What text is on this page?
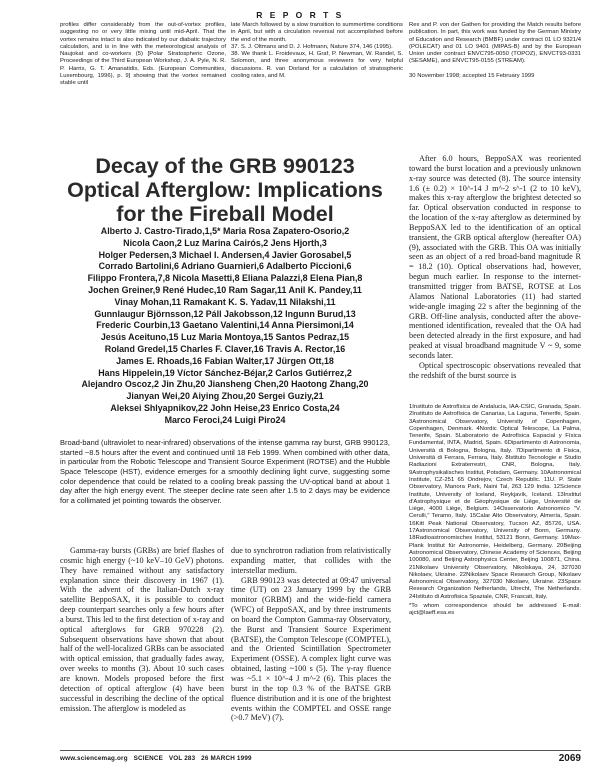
R E P O R T S
profiles differ considerably from the out-of-vortex profiles, suggesting no or very little mixing until mid-April. That the vortex remains intact is also indicated by our diabatic trajectory calculation, and is in line with the meteorological analysis of Naujokat and co-workers (5) [Polar Stratospheric Ozone, Proceedings of the Third European Workshop, J. A. Pyle, N. R. P. Harris, G. T. Amanatidis, Eds. (European Communities, Luxembourg, 1996), p. 9] showing that the vortex remained stable until

late March followed by a slow transition to summertime conditions in April, but with a circulation reversal not accomplished before the end of the month.

37. S. J. Oltmans and D. J. Hofmann, Nature 374, 146 (1995).

38. We thank L. Froidevaux, H. Graf, P. Newman, W. Randel, S. Solomon, and three anonymous reviewers for very helpful discussions. R. van Dorland for a calculation of stratospheric cooling rates, and M.

Rex and P. von der Gathen for providing the Match results before publication. In part, this work was funded by the German Ministry of Education and Research (BMBF) under contract 01 LO 9321/4 (POLECAT) and 01 LO 9401 (MIPAS-B) and by the European Union under contract ENVC795-0050 (TOPOZ), ENVCT93-0331 (SESAME), and ENVCT95-0155 (STREAM).

30 November 1998; accepted 15 February 1999

Decay of the GRB 990123
Optical Afterglow: Implications
for the Fireball Model
Alberto J. Castro-Tirado,1,5* Maria Rosa Zapatero-Osorio,2
Nicola Caon,2 Luz Marina Cairós,2 Jens Hjorth,3
Holger Pedersen,3 Michael I. Andersen,4 Javier Gorosabel,5
Corrado Bartolini,6 Adriano Guarnieri,6 Adalberto Piccioni,6
Filippo Frontera,7,8 Nicola Masetti,8 Eliana Palazzi,8 Elena Pian,8
Jochen Greiner,9 René Hudec,10 Ram Sagar,11 Anil K. Pandey,11
Vinay Mohan,11 Ramakant K. S. Yadav,11 Nilakshi,11
Gunnlaugur Björnsson,12 Páll Jakobsson,12 Ingunn Burud,13
Frederic Courbin,13 Gaetano Valentini,14 Anna Piersimoni,14
Jesús Aceituno,15 Luz Maria Montoya,15 Santos Pedraz,15
Roland Gredel,15 Charles F. Claver,16 Travis A. Rector,16
James E. Rhoads,16 Fabian Walter,17 Jürgen Ott,18
Hans Hippelein,19 Víctor Sánchez-Béjar,2 Carlos Gutiérrez,2
Alejandro Oscoz,2 Jin Zhu,20 Jiansheng Chen,20 Haotong Zhang,20
Jianyan Wei,20 Aiying Zhou,20 Sergei Guziy,21
Aleksei Shlyapnikov,22 John Heise,23 Enrico Costa,24
Marco Feroci,24 Luigi Piro24
Broad-band (ultraviolet to near-infrared) observations of the intense gamma ray burst, GRB 990123, started ~8.5 hours after the event and continued until 18 Feb 1999. When combined with other data, in particular from the Robotic Telescope and Transient Source Experiment (ROTSE) and the Hubble Space Telescope (HST), evidence emerges for a smoothly declining light curve, suggesting some color dependence that could be related to a cooling break passing the UV-optical band at about 1 day after the high energy event. The steeper decline rate seen after 1.5 to 2 days may be evidence for a collimated jet pointing towards the observer.
Gamma-ray bursts (GRBs) are brief flashes of cosmic high energy (~10 keV–10 GeV) photons. They have remained without any satisfactory explanation since their discovery in 1967 (1). With the advent of the Italian-Dutch x-ray satellite BeppoSAX, it is possible to conduct deep counterpart searches only a few hours after a burst. This led to the first detection of x-ray and optical afterglows for GRB 970228 (2). Subsequent observations have shown that about half of the well-localized GRBs can be associated with optical emission, that gradually fades away, over weeks to months (3). About 10 such cases are known. Models proposed before the first detection of optical afterglow (4) have been successful in describing the decline of the optical emission. The afterglow is modeled as

due to synchrotron radiation from relativistically expanding matter, that collides with the interstellar medium.

GRB 990123 was detected at 09:47 universal time (UT) on 23 January 1999 by the GRB monitor (GRBM) and the wide-field camera (WFC) of BeppoSAX, and by three instruments on board the Compton Gamma-ray Observatory, the Burst and Transient Source Experiment (BATSE), the Compton Telescope (COMPTEL), and the Oriented Scintillation Spectrometer Experiment (OSSE). A complex light curve was obtained, lasting ~100 s (5). The γ-ray fluence was ~5.1 × 10^-4 J m^-2 (6). This places the burst in the top 0.3 % of the BATSE GRB fluence distribution and it is one of the brightest events within the COMPTEL and OSSE range (>0.7 MeV) (7).

After 6.0 hours, BeppoSAX was reoriented toward the burst location and a previously unknown x-ray source was detected (8). The source intensity 1.6 (± 0.2) × 10^-14 J m^-2 s^-1 (2 to 10 keV), makes this x-ray afterglow the brightest detected so far. Optical observation conducted in response to the location of the x-ray afterglow as determined by BeppoSAX led to the identification of an optical transient, the GRB optical afterglow (hereafter OA) (9), associated with the GRB. This OA was initially seen as an object of a red broad-band magnitude R = 18.2 (10). Optical observations had, however, begun much earlier. In response to the internet-transmitted trigger from BATSE, ROTSE at Los Alamos National Laboratories (11) had started wide-angle imaging 22 s after the beginning of the GRB. Off-line analysis, conducted after the above-mentioned identification, revealed that the OA had been detected already in the first exposure, and had peaked at visual broadband magnitude V ~ 9, some seconds later.

Optical spectroscopic observations revealed that the redshift of the burst source is

1Instituto de Astrofísica de Andalucía, IAA-CSIC, Granada, Spain. 2Instituto de Astrofísica de Canarias, La Laguna, Tenerife, Spain. 3Astronomical Observatory, University of Copenhagen, Copenhagen, Denmark. 4Nordic Optical Telescope, La Palma, Tenerife, Spain. 5Laboratorio de Astrofísica Espacial y Física Fundamental, INTA, Madrid, Spain. 6Dipartimento di Astronomia, Università di Bologna, Bologna, Italy. 7Dipartimento di Fisica, Università di Ferrara, Ferrara, Italy. 8Istituto Tecnologie e Studio Radiazioni Extraterrestri, CNR, Bologna, Italy. 9Astrophysikalisches Institut, Potsdam, Germany. 10Astronomical Institute, CZ-251 65 Ondrejov, Czech Republic. 11U. P. State Observatory, Manora Park, Naini Tal, 263 129 India. 12Science Institute, University of Iceland, Reykjavík, Iceland. 13Institut d'Astrophysique et de Géophysique de Liège, Université de Liège, 4000 Liège, Belgium. 14Osservatorio Astronomico "V. Cerulli," Teramo, Italy. 15Calar Alto Observatory, Almería, Spain. 16Kitt Peak National Observatory, Tucson AZ, 85726, USA. 17Astronomical Observatory, University of Bonn, Germany. 18Radioastronomisches Institut, 53121 Bonn, Germany. 19Max-Plank Institut für Astronomie, Heidelberg, Germany. 20Beijing Astronomical Observatory, Chinese Academy of Sciences, Beijing 100080, and Beijing Astrophysics Center, Beijing 100871, China. 21Nikolaev University Observatory, Nikolskaya, 24, 327030 Nikolaev, Ukraine. 22Nikolaev Space Research Group, Nikolaev Astronomical Observatory, 327030 Nikolaev, Ukraine. 23Space Research Organization Netherlands, Utrecht, The Netherlands. 24Istituto di Astrofisica Spaziale, CNR, Frascati, Italy.

*To whom correspondence should be addressed E-mail: ajct@laeff.esa.es

www.sciencemag.org   SCIENCE   VOL 283   26 MARCH 1999	2069
